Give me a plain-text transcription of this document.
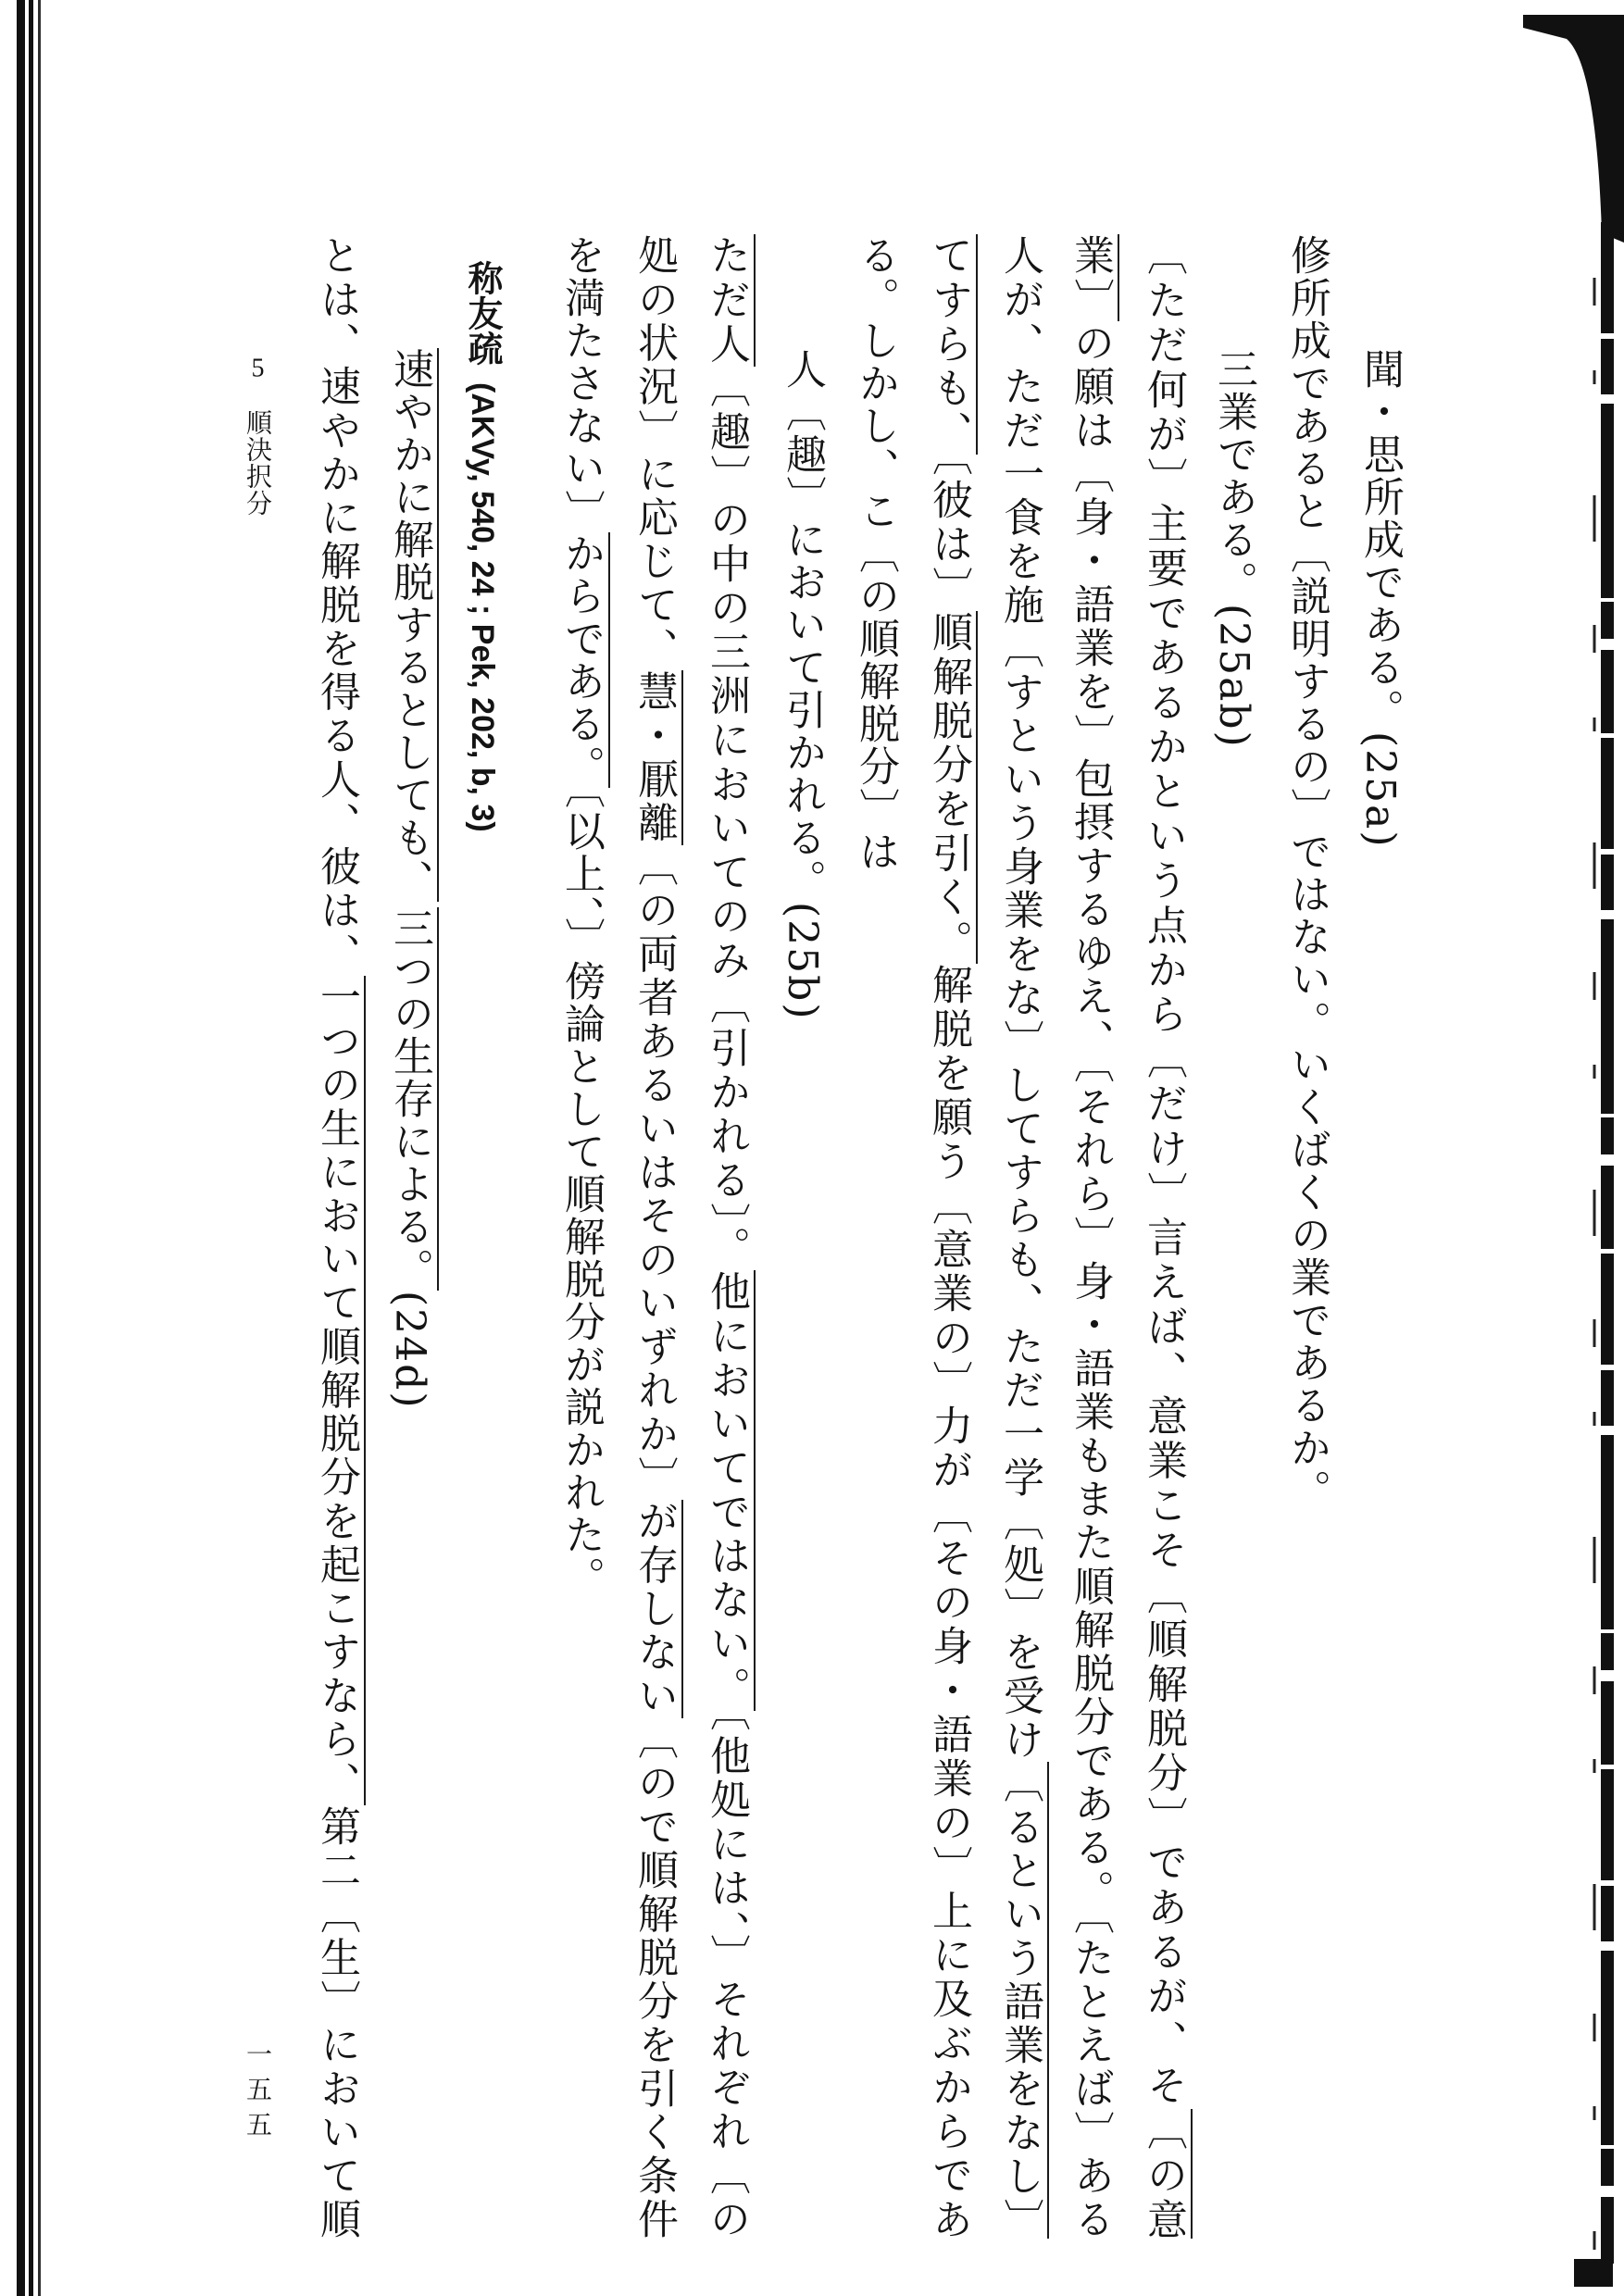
聞・思所成である。(25a)
修所成であると〔説明するの〕ではない。いくばくの業であるか。
三業である。(25ab)
〔ただ何が〕主要であるかという点から〔だけ〕言えば、意業こそ〔順解脱分〕であるが、そ〔の意
業〕の願は〔身・語業を〕包摂するゆえ、〔それら〕身・語業もまた順解脱分である。〔たとえば〕ある
人が、ただ一食を施〔すという身業をな〕してすらも、ただ一学〔処〕を受け〔るという語業をなし〕
てすらも、〔彼は〕順解脱分を引く。解脱を願う〔意業の〕力が〔その身・語業の〕上に及ぶからであ
る。しかし、こ〔の順解脱分〕は
人〔趣〕において引かれる。(25b)
ただ人〔趣〕の中の三洲においてのみ〔引かれる〕。他においてではない。〔他処には、〕それぞれ〔の
処の状況〕に応じて、慧・厭離〔の両者あるいはそのいずれか〕が存しない〔ので順解脱分を引く条件
を満たさない〕からである。〔以上、〕傍論として順解脱分が説かれた。
称友疏(AKVy, 540, 24 ; Pek, 202, b, 3)
速やかに解脱するとしても、三つの生存による。(24d)
とは、速やかに解脱を得る人、彼は、一つの生において順解脱分を起こすなら、第二〔生〕において順
5順決択分
一五五
